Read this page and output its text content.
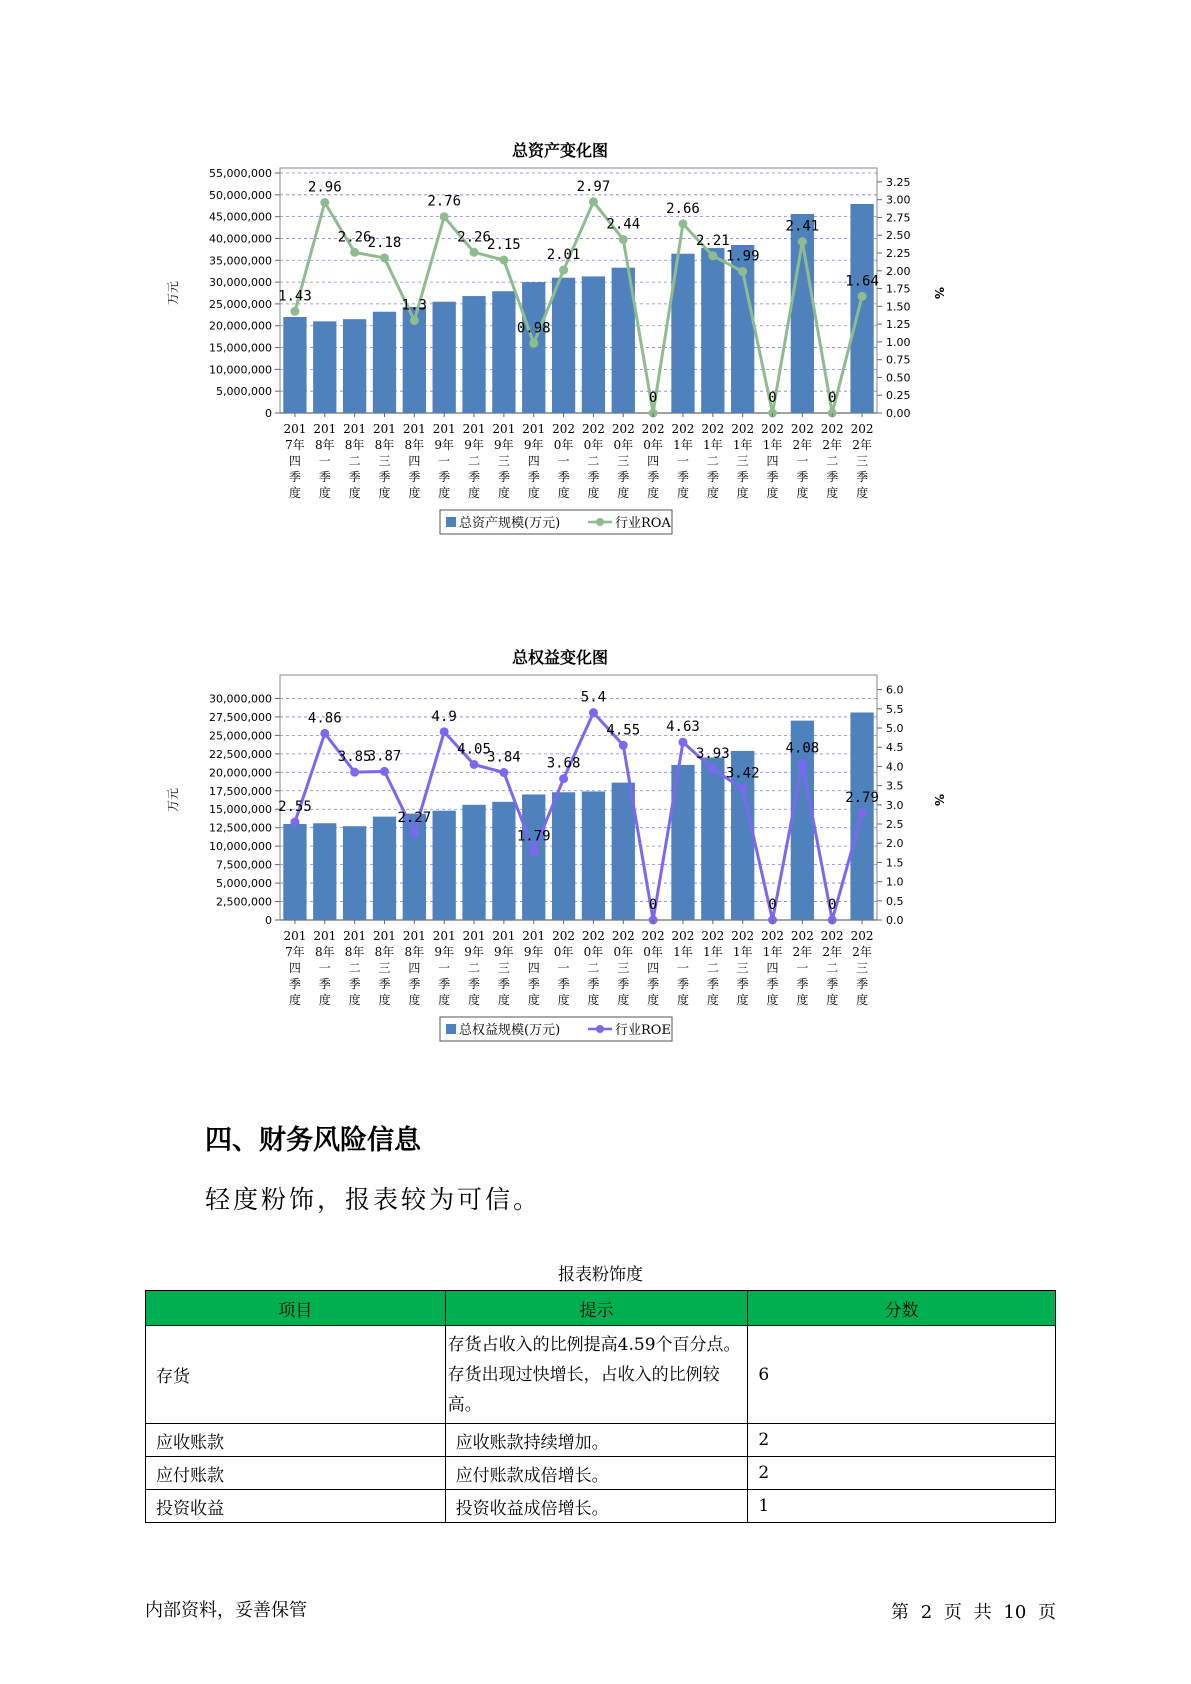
总资产变化图
0
5,000,000
10,000,000
15,000,000
20,000,000
25,000,000
30,000,000
35,000,000
40,000,000
45,000,000
50,000,000
55,000,000
0.00
0.25
0.50
0.75
1.00
1.25
1.50
1.75
2.00
2.25
2.50
2.75
3.00
3.25
万元	%
1.43
2.96
2.26
2.18
1.3
2.76
2.26
2.15
0.98
2.01
2.97
2.44
0
2.66
2.21
1.99
0
2.41
0
1.64
201 7年四季度
201 8年一季度
201 8年二季度
201 8年三季度
201 8年四季度
201 9年一季度
201 9年二季度
201 9年三季度
201 9年四季度
202 0年一季度
202 0年二季度
202 0年三季度
202 0年四季度
202 1年一季度
202 1年二季度
202 1年三季度
202 1年四季度
202 2年一季度
202 2年二季度
202 2年三季度
总资产规模(万元)	行业ROA
总权益变化图
0
2,500,000
5,000,000
7,500,000
10,000,000
12,500,000
15,000,000
17,500,000
20,000,000
22,500,000
25,000,000
27,500,000
30,000,000
0.0
0.5
1.0
1.5
2.0
2.5
3.0
3.5
4.0
4.5
5.0
5.5
6.0
万元	%
2.55
4.86
3.85
3.87
2.27
4.9
4.05
3.84
1.79
3.68
5.4
4.55
0
4.63
3.93
3.42
0
4.08
0
2.79
201 7年四季度
201 8年一季度
201 8年二季度
201 8年三季度
201 8年四季度
201 9年一季度
201 9年二季度
201 9年三季度
201 9年四季度
202 0年一季度
202 0年二季度
202 0年三季度
202 0年四季度
202 1年一季度
202 1年二季度
202 1年三季度
202 1年四季度
202 2年一季度
202 2年二季度
202 2年三季度
总权益规模(万元)	行业ROE
四、财务风险信息
轻度粉饰，报表较为可信。
报表粉饰度
项目	提示	分数
存货	存货占收入的比例提高4.59个百分点。存货出现过快增长，占收入的比例较高。	6
应收账款	应收账款持续增加。	2
应付账款	应付账款成倍增长。	2
投资收益	投资收益成倍增长。	1
内部资料，妥善保管	第 2 页 共 10 页
